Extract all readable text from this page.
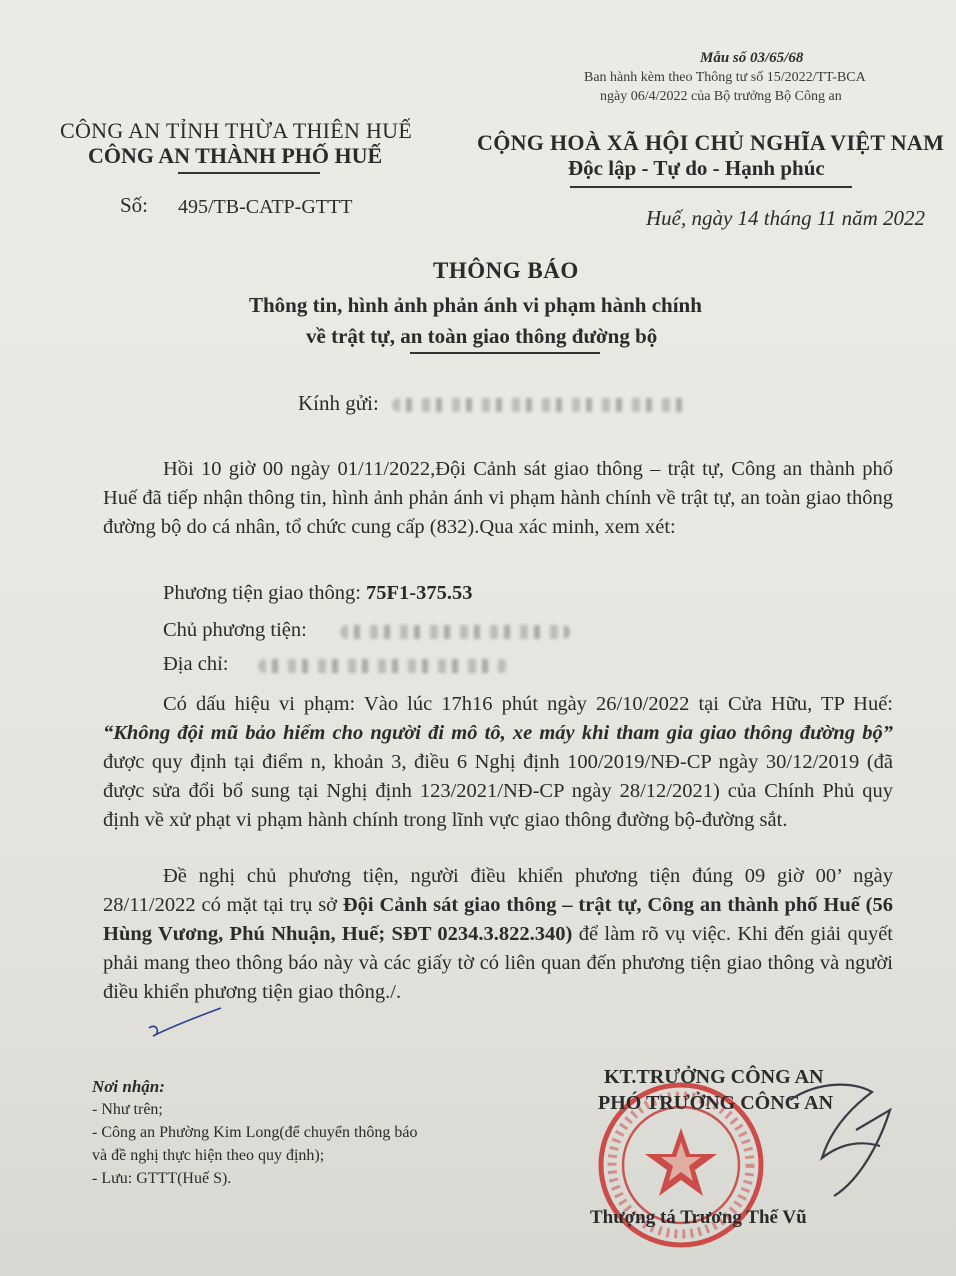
Mẫu số 03/65/68
Ban hành kèm theo Thông tư số 15/2022/TT-BCA
ngày 06/4/2022 của Bộ trưởng Bộ Công an
CÔNG AN TỈNH THỪA THIÊN HUẾ
CÔNG AN THÀNH PHỐ HUẾ
CỘNG HOÀ XÃ HỘI CHỦ NGHĨA VIỆT NAM
Độc lập - Tự do - Hạnh phúc
Số: 495/TB-CATP-GTTT	Huế, ngày 14 tháng 11 năm 2022
THÔNG BÁO
Thông tin, hình ảnh phản ánh vi phạm hành chính
về trật tự, an toàn giao thông đường bộ
Kính gửi:

Hồi 10 giờ 00 ngày 01/11/2022,Đội Cảnh sát giao thông – trật tự, Công an thành phố Huế đã tiếp nhận thông tin, hình ảnh phản ánh vi phạm hành chính về trật tự, an toàn giao thông đường bộ do cá nhân, tổ chức cung cấp (832).Qua xác minh, xem xét:

Phương tiện giao thông: 75F1-375.53
Chủ phương tiện:
Địa chỉ:

Có dấu hiệu vi phạm: Vào lúc 17h16 phút ngày 26/10/2022 tại Cửa Hữu, TP Huế: “Không đội mũ bảo hiểm cho người đi mô tô, xe máy khi tham gia giao thông đường bộ” được quy định tại điểm n, khoản 3, điều 6 Nghị định 100/2019/NĐ-CP ngày 30/12/2019 (đã được sửa đổi bổ sung tại Nghị định 123/2021/NĐ-CP ngày 28/12/2021) của Chính Phủ quy định về xử phạt vi phạm hành chính trong lĩnh vực giao thông đường bộ-đường sắt.

Đề nghị chủ phương tiện, người điều khiển phương tiện đúng 09 giờ 00’ ngày 28/11/2022 có mặt tại trụ sở Đội Cảnh sát giao thông – trật tự, Công an thành phố Huế (56 Hùng Vương, Phú Nhuận, Huế; SĐT 0234.3.822.340) để làm rõ vụ việc. Khi đến giải quyết phải mang theo thông báo này và các giấy tờ có liên quan đến phương tiện giao thông và người điều khiển phương tiện giao thông./.

Nơi nhận:
- Như trên;
- Công an Phường Kim Long(để chuyển thông báo
và đề nghị thực hiện theo quy định);
- Lưu: GTTT(Huế S).
KT.TRƯỞNG CÔNG AN
PHÓ TRƯỞNG CÔNG AN
Thượng tá Trương Thế Vũ
